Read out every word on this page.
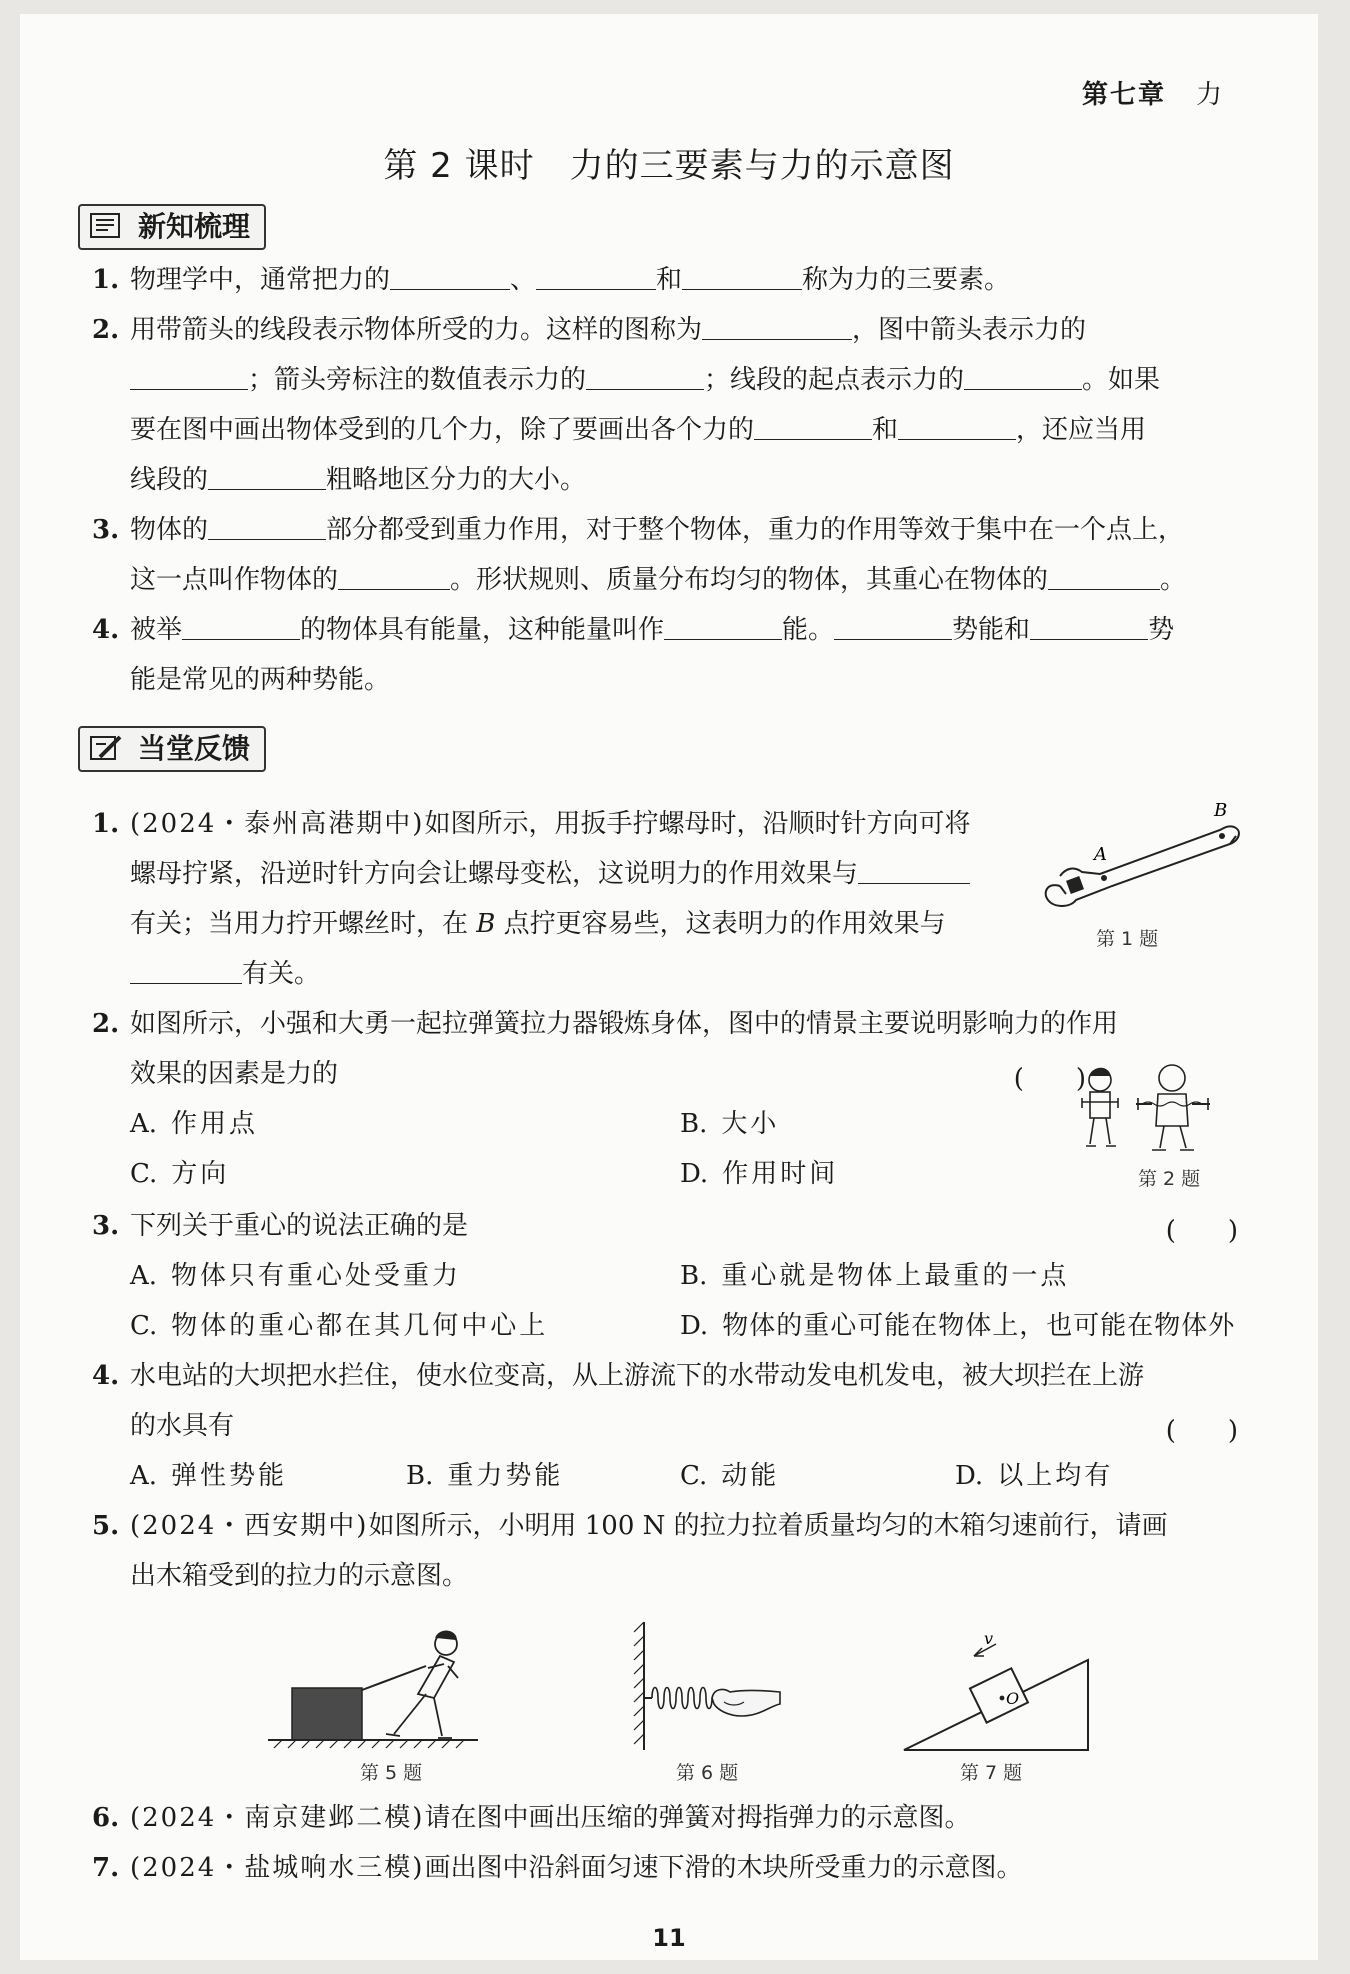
第七章 力
第 2 课时　力的三要素与力的示意图
新知梳理
1. 物理学中，通常把力的	、	和	称为力的三要素。
2. 用带箭头的线段表示物体所受的力。这样的图称为	，图中箭头表示力的
；箭头旁标注的数值表示力的	；线段的起点表示力的	。如果
要在图中画出物体受到的几个力，除了要画出各个力的	和	，还应当用
线段的	粗略地区分力的大小。
3. 物体的	部分都受到重力作用，对于整个物体，重力的作用等效于集中在一个点上，
这一点叫作物体的	。形状规则、质量分布均匀的物体，其重心在物体的	。
4. 被举	的物体具有能量，这种能量叫作	能。	势能和	势
能是常见的两种势能。
当堂反馈
1. (2024・泰州高港期中)如图所示，用扳手拧螺母时，沿顺时针方向可将
螺母拧紧，沿逆时针方向会让螺母变松，这说明力的作用效果与
有关；当用力拧开螺丝时，在 B 点拧更容易些，这表明力的作用效果与
有关。
A
B
第 1 题
2. 如图所示，小强和大勇一起拉弹簧拉力器锻炼身体，图中的情景主要说明影响力的作用
效果的因素是力的	(　　)
A. 作用点	B. 大小
C. 方向	D. 作用时间	第 2 题
3. 下列关于重心的说法正确的是	(　　)
A. 物体只有重心处受重力	B. 重心就是物体上最重的一点
C. 物体的重心都在其几何中心上	D. 物体的重心可能在物体上，也可能在物体外
4. 水电站的大坝把水拦住，使水位变高，从上游流下的水带动发电机发电，被大坝拦在上游
的水具有	(　　)
A. 弹性势能	B. 重力势能	C. 动能	D. 以上均有
5. (2024・西安期中)如图所示，小明用 100 N 的拉力拉着质量均匀的木箱匀速前行，请画
出木箱受到的拉力的示意图。
第 5 题	第 6 题
O
v
第 7 题
6. (2024・南京建邺二模)请在图中画出压缩的弹簧对拇指弹力的示意图。
7. (2024・盐城响水三模)画出图中沿斜面匀速下滑的木块所受重力的示意图。
11
